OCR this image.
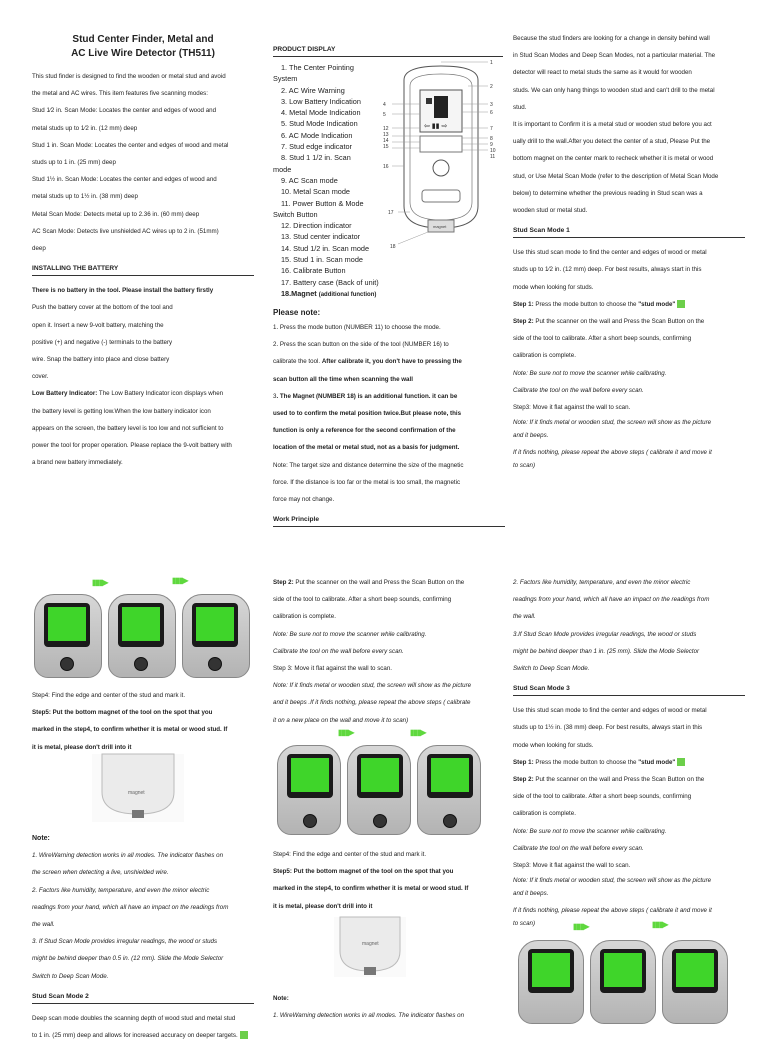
Stud Center Finder, Metal and
AC Live Wire Detector (TH511)

This stud finder is designed to find the wooden or metal stud and avoid

the metal and AC wires. This item features five scanning modes:

Stud 1⁄2 in. Scan Mode: Locates the center and edges of wood and

metal studs up to 1⁄2 in. (12 mm) deep

Stud 1 in. Scan Mode: Locates the center and edges of wood and metal

studs up to 1 in. (25 mm) deep

Stud 1½ in. Scan Mode: Locates the center and edges of wood and

metal studs up to 1½ in. (38 mm) deep

Metal Scan Mode: Detects metal up to 2.36 in. (60 mm) deep

AC Scan Mode: Detects live unshielded AC wires up to 2 in. (51mm)

deep

INSTALLING THE BATTERY

There is no battery in the tool. Please install the battery firstly

Push the battery cover at the bottom of the tool and

open it. Insert a new 9-volt battery, matching the

positive (+) and negative (-) terminals to the battery

wire. Snap the battery into place and close battery

cover.

Low Battery Indicator: The Low Battery Indicator icon displays when

the battery level is getting low.When the low battery indicator icon

appears on the screen, the battery level is too low and not sufficient to

power the tool for proper operation. Please replace the 9-volt battery with

a brand new battery immediately.

▮▮▮▶	▮▮▮▶

Step4: Find the edge and center of the stud and mark it.

Step5: Put the bottom magnet of the tool on the spot that you

marked in the step4, to confirm whether it is metal or wood stud. If

it is metal, please don't drill into it

magnet

Note:

1. WireWarning detection works in all modes. The indicator flashes on

the screen when detecting a live, unshielded wire.

2. Factors like humidity, temperature, and even the minor electric

readings from your hand, which all have an impact on the readings from

the wall.

3. If Stud Scan Mode provides irregular readings, the wood or studs

might be behind deeper than 0.5 in. (12 mm). Slide the Mode Selector

Switch to Deep Scan Mode.

Stud Scan Mode 2

Deep scan mode doubles the scanning depth of wood stud and metal stud

to 1 in. (25 mm) deep and allows for increased accuracy on deeper targets.

PRODUCT DISPLAY

1. The Center Pointing

System

2. AC Wire Warning

3. Low Battery Indication

4. Metal Mode Indication

5. Stud Mode Indication

6. AC Mode Indication

7. Stud edge indicator

8. Stud 1 1/2 in. Scan

mode

9. AC Scan mode

10. Metal Scan mode

11. Power Button & Mode

Switch Button

12. Direction indicator

13. Stud center indicator

14. Stud 1/2 in. Scan mode

15. Stud 1 in. Scan mode

16. Calibrate Button

17. Battery case (Back of unit)

18.Magnet (additional function)

⇦ ▮▮ ⇨
magnet
4
5
12
13
14
15
16
17
18
1
2
3
6
7
8
9
10
11

Please note:

1. Press the mode button (NUMBER 11) to choose the mode.

2. Press the scan button on the side of the tool (NUMBER 16) to

calibrate the tool. After calibrate it, you don't have to pressing the

scan button all the time when scanning the wall

3. The Magnet (NUMBER 18) is an additional function. it can be

used to to confirm the metal position twice.But please note, this

function is only a reference for the second confirmation of the

location of the metal or metal stud, not as a basis for judgment.

Note: The target size and distance determine the size of the magnetic

force. If the distance is too far or the metal is too small, the magnetic

force may not change.

Work Principle

Step 2: Put the scanner on the wall and Press the Scan Button on the

side of the tool to calibrate. After a short beep sounds, confirming

calibration is complete.

Note: Be sure not to move the scanner while calibrating.

Calibrate the tool on the wall before every scan.

Step 3: Move it flat against the wall to scan.

Note: If it finds metal or wooden stud, the screen will show as the picture

and it beeps .If it finds nothing, please repeat the above steps ( calibrate

it on a new place on the wall and move it to scan)

▮▮▮▶	▮▮▮▶

Step4: Find the edge and center of the stud and mark it.

Step5: Put the bottom magnet of the tool on the spot that you

marked in the step4, to confirm whether it is metal or wood stud. If

it is metal, please don't drill into it

magnet

Note:

1. WireWarning detection works in all modes. The indicator flashes on

Because the stud finders are looking for a change in density behind wall

in Stud Scan Modes and Deep Scan Modes, not a particular material. The

detector will react to metal studs the same as it would for wooden

studs. We can only hang things to wooden stud and can't drill to the metal

stud.

It is important to Confirm it is a metal stud or wooden stud before you act

ually drill to the wall.After you detect the center of a stud, Please Put the

bottom magnet on the center mark to recheck whether it is metal or wood

stud, or Use Metal Scan Mode (refer to the description of Metal Scan Mode

below) to determine whether the previous reading in Stud scan was a

wooden stud or metal stud.

Stud Scan Mode 1

Use this stud scan mode to find the center and edges of wood or metal

studs up to 1⁄2 in. (12 mm) deep. For best results, always start in this

mode when looking for studs.

Step 1: Press the mode button to choose the "stud mode"

Step 2: Put the scanner on the wall and Press the Scan Button on the

side of the tool to calibrate. After a short beep sounds, confirming

calibration is complete.

Note: Be sure not to move the scanner while calibrating.

Calibrate the tool on the wall before every scan.

Step3: Move it flat against the wall to scan.

Note: If it finds metal or wooden stud, the screen will show as the picture

and it beeps.

If it finds nothing, please repeat the above steps ( calibrate it and move it

to scan)

2. Factors like humidity, temperature, and even the minor electric

readings from your hand, which all have an impact on the readings from

the wall.

3.If Stud Scan Mode provides irregular readings, the wood or studs

might be behind deeper than 1 in. (25 mm). Slide the Mode Selector

Switch to Deep Scan Mode.

Stud Scan Mode 3

Use this stud scan mode to find the center and edges of wood or metal

studs up to 1½ in. (38 mm) deep. For best results, always start in this

mode when looking for studs.

Step 1: Press the mode button to choose the "stud mode"

Step 2: Put the scanner on the wall and Press the Scan Button on the

side of the tool to calibrate. After a short beep sounds, confirming

calibration is complete.

Note: Be sure not to move the scanner while calibrating.

Calibrate the tool on the wall before every scan.

Step3: Move it flat against the wall to scan.

Note: If it finds metal or wooden stud, the screen will show as the picture

and it beeps.

If it finds nothing, please repeat the above steps ( calibrate it and move it

to scan)	▮▮▮▶	▮▮▮▶
